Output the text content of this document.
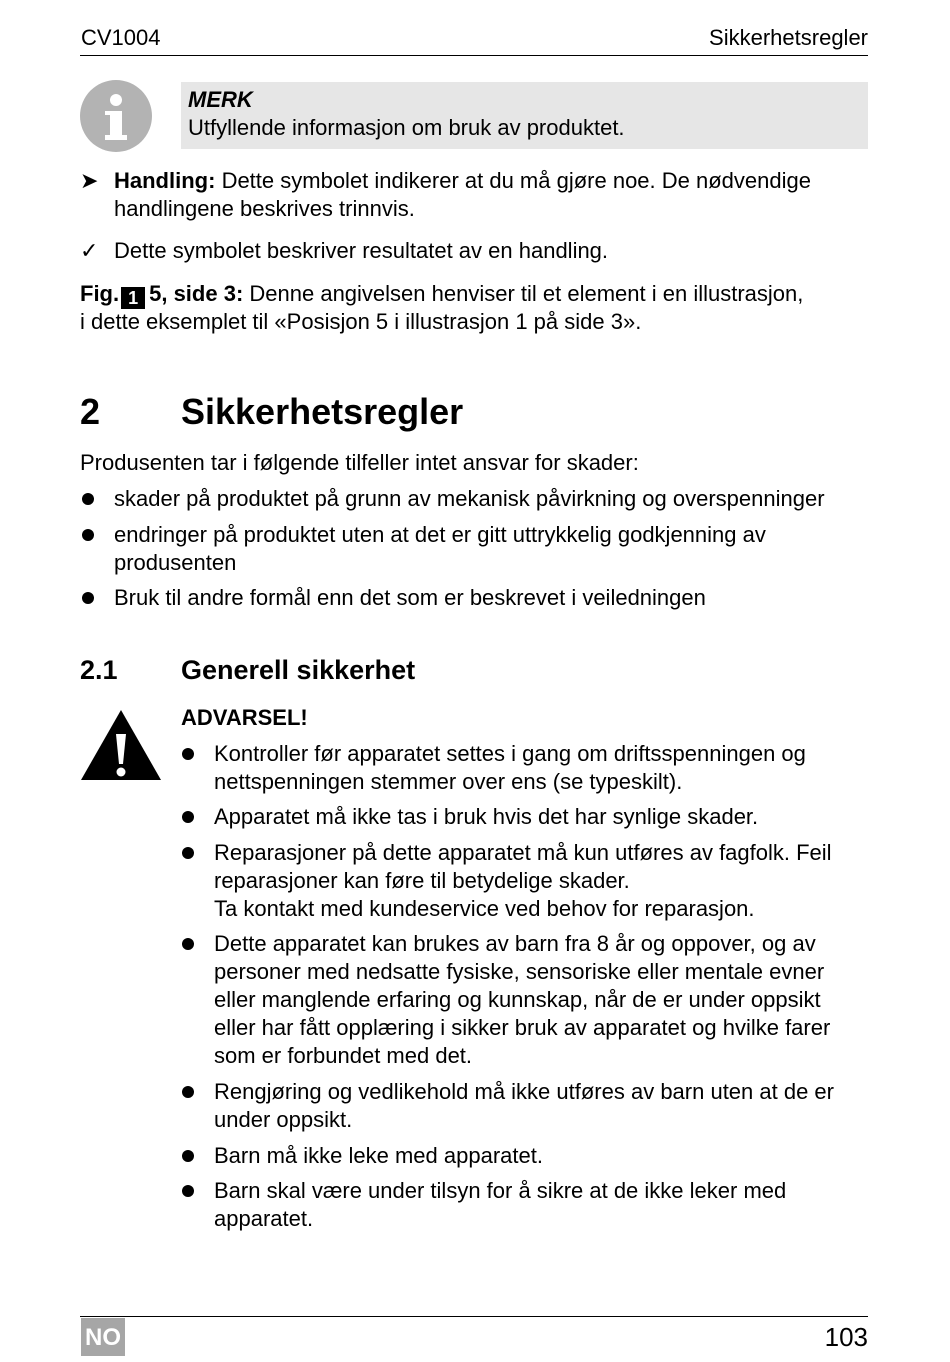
CV1004	Sikkerhetsregler
MERK
Utfyllende informasjon om bruk av produktet.
➤ Handling: Dette symbolet indikerer at du må gjøre noe. De nødvendige
handlingene beskrives trinnvis.
✓ Dette symbolet beskriver resultatet av en handling.
Fig. 1 5, side 3: Denne angivelsen henviser til et element i en illustrasjon,
i dette eksemplet til «Posisjon 5 i illustrasjon 1 på side 3».
2 Sikkerhetsregler
Produsenten tar i følgende tilfeller intet ansvar for skader:
skader på produktet på grunn av mekanisk påvirkning og overspenninger
endringer på produktet uten at det er gitt uttrykkelig godkjenning av
produsenten
Bruk til andre formål enn det som er beskrevet i veiledningen
2.1 Generell sikkerhet
ADVARSEL!
Kontroller før apparatet settes i gang om driftsspenningen og
nettspenningen stemmer over ens (se typeskilt).
Apparatet må ikke tas i bruk hvis det har synlige skader.
Reparasjoner på dette apparatet må kun utføres av fagfolk. Feil
reparasjoner kan føre til betydelige skader.
Ta kontakt med kundeservice ved behov for reparasjon.
Dette apparatet kan brukes av barn fra 8 år og oppover, og av
personer med nedsatte fysiske, sensoriske eller mentale evner
eller manglende erfaring og kunnskap, når de er under oppsikt
eller har fått opplæring i sikker bruk av apparatet og hvilke farer
som er forbundet med det.
Rengjøring og vedlikehold må ikke utføres av barn uten at de er
under oppsikt.
Barn må ikke leke med apparatet.
Barn skal være under tilsyn for å sikre at de ikke leker med
apparatet.
NO	103
